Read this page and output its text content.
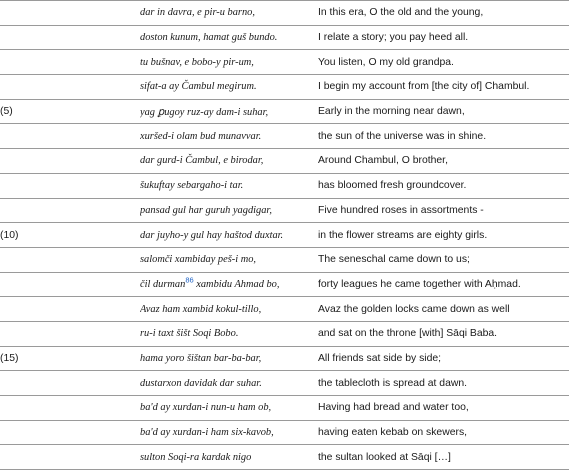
	dar in davra, e pir-u barno,	In this era, O the old and the young,
	doston kunum, hamat guš bundo.	I relate a story; you pay heed all.
	tu bušnav, e bobo-y pir-um,	You listen, O my old grandpa.
	sifat-a ay Čambul megirum.	I begin my account from [the city of] Chambul.
(5)	yag ꝑugoy ruz-ay dam-i suhar,	Early in the morning near dawn,
	xuršed-i olam bud munavvar.	the sun of the universe was in shine.
	dar gurd-i Čambul, e birodar,	Around Chambul, O brother,
	šukuftay sebargaho-i tar.	has bloomed fresh groundcover.
	pansad gul har guruh yagdigar,	Five hundred roses in assortments -
(10)	dar juyho-y gul hay haštod duxtar.	in the flower streams are eighty girls.
	salomči xambiday peš-i mo,	The seneschal came down to us;
	čil durman$^{86}$ xambidu Ahmad bo,	forty leagues he came together with Aḥmad.
	Avaz ham xambid kokul-tillo,	Avaz the golden locks came down as well
	ru-i taxt šišt Soqi Bobo.	and sat on the throne [with] Sāqi Baba.
(15)	hama yoro šištan bar-ba-bar,	All friends sat side by side;
	dustarxon davidak dar suhar.	the tablecloth is spread at dawn.
	ba'd ay xurdan-i nun-u ham ob,	Having had bread and water too,
	ba'd ay xurdan-i ham six-kavob,	having eaten kebab on skewers,
	sulton Soqi-ra kardak nigo	the sultan looked at Sāqi […]
